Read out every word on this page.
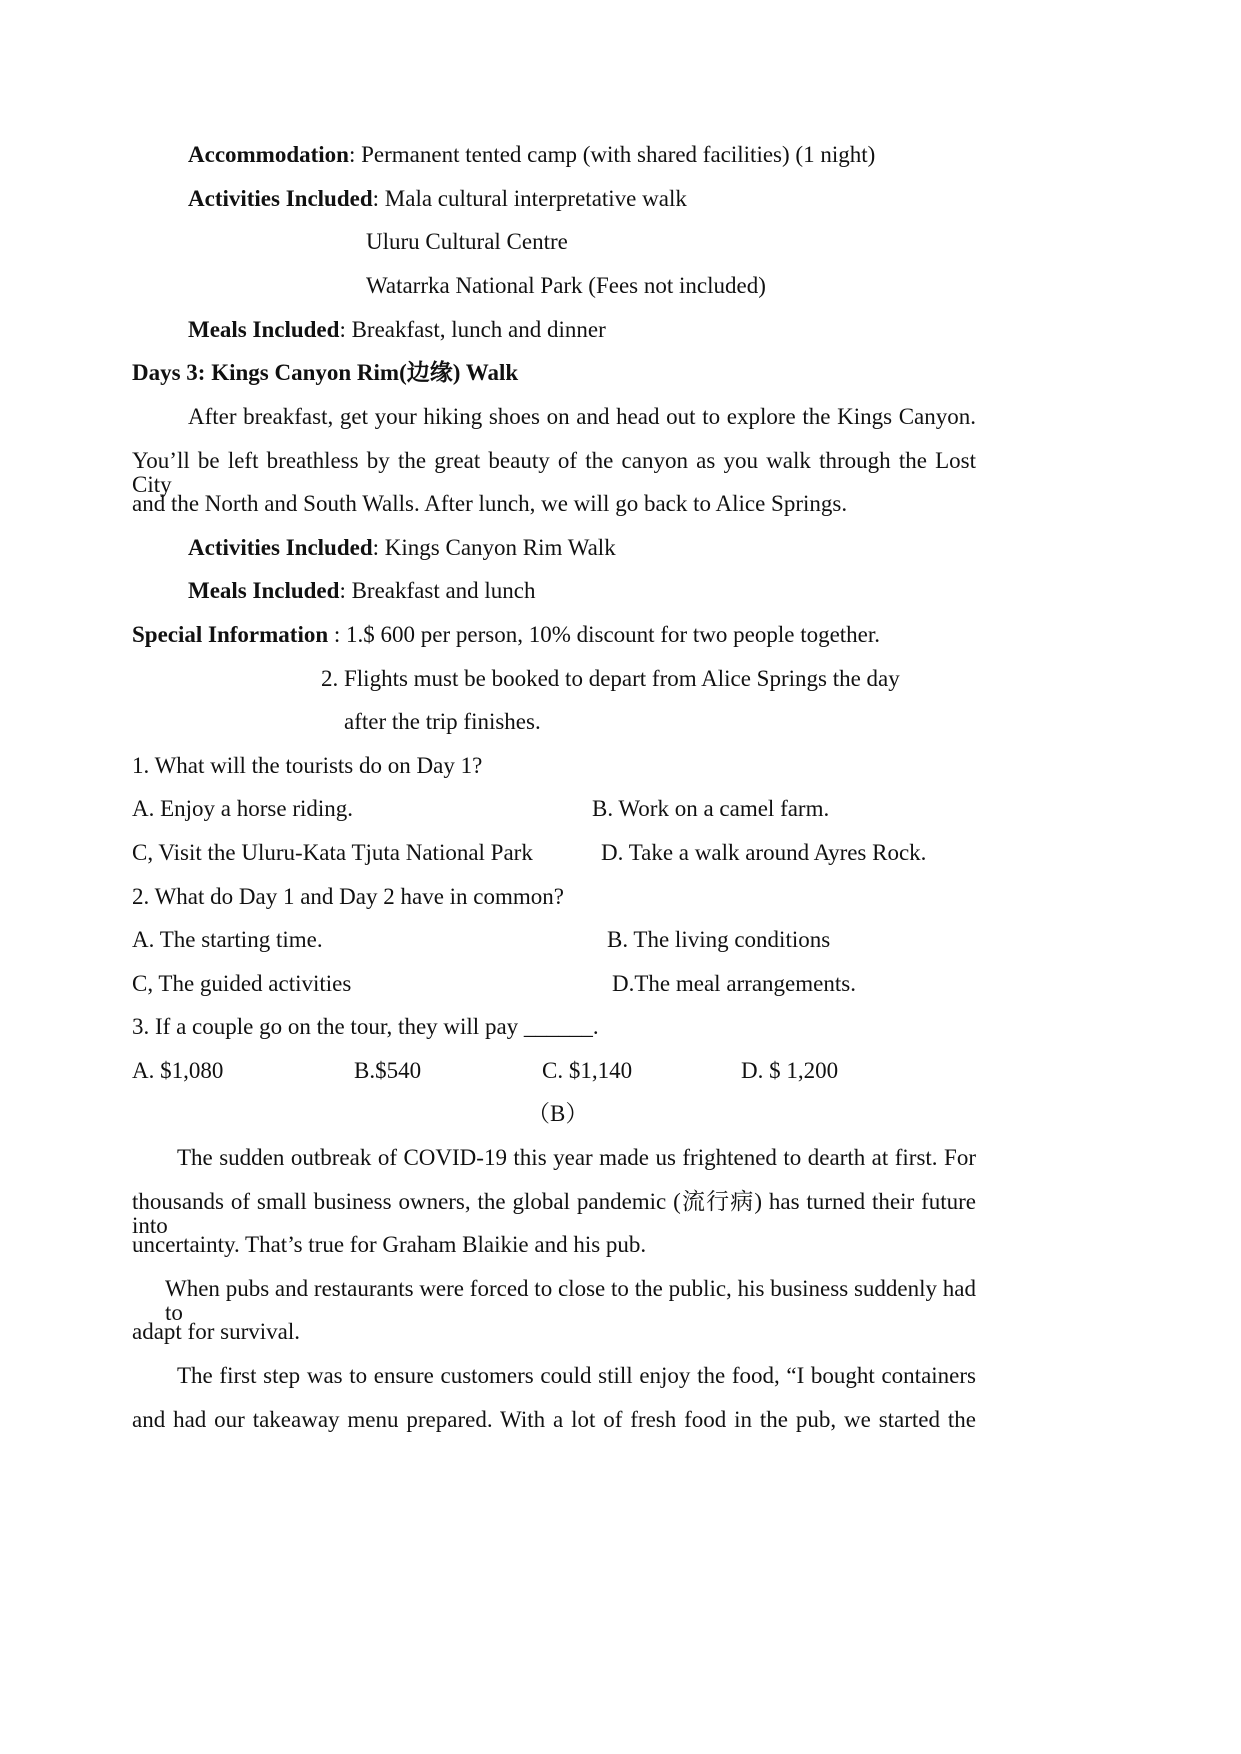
Accommodation: Permanent tented camp (with shared facilities) (1 night)
Activities Included: Mala cultural interpretative walk
Uluru Cultural Centre
Watarrka National Park (Fees not included)
Meals Included: Breakfast, lunch and dinner
Days 3: Kings Canyon Rim(边缘) Walk
After breakfast, get your hiking shoes on and head out to explore the Kings Canyon.
You’ll be left breathless by the great beauty of the canyon as you walk through the Lost City
and the North and South Walls. After lunch, we will go back to Alice Springs.
Activities Included: Kings Canyon Rim Walk
Meals Included: Breakfast and lunch
Special Information : 1.$ 600 per person, 10% discount for two people together.
2. Flights must be booked to depart from Alice Springs the day
after the trip finishes.
1. What will the tourists do on Day 1?
A. Enjoy a horse riding.	B. Work on a camel farm.
C, Visit the Uluru-Kata Tjuta National Park	D. Take a walk around Ayres Rock.
2. What do Day 1 and Day 2 have in common?
A. The starting time.	B. The living conditions
C, The guided activities	D.The meal arrangements.
3. If a couple go on the tour, they will pay ______.
A. $1,080	B.$540	C. $1,140	D. $ 1,200
（B）
The sudden outbreak of COVID-19 this year made us frightened to dearth at first. For
thousands of small business owners, the global pandemic (流行病) has turned their future into
uncertainty. That’s true for Graham Blaikie and his pub.
When pubs and restaurants were forced to close to the public, his business suddenly had to
adapt for survival.
The first step was to ensure customers could still enjoy the food, “I bought containers
and had our takeaway menu prepared. With a lot of fresh food in the pub, we started the
